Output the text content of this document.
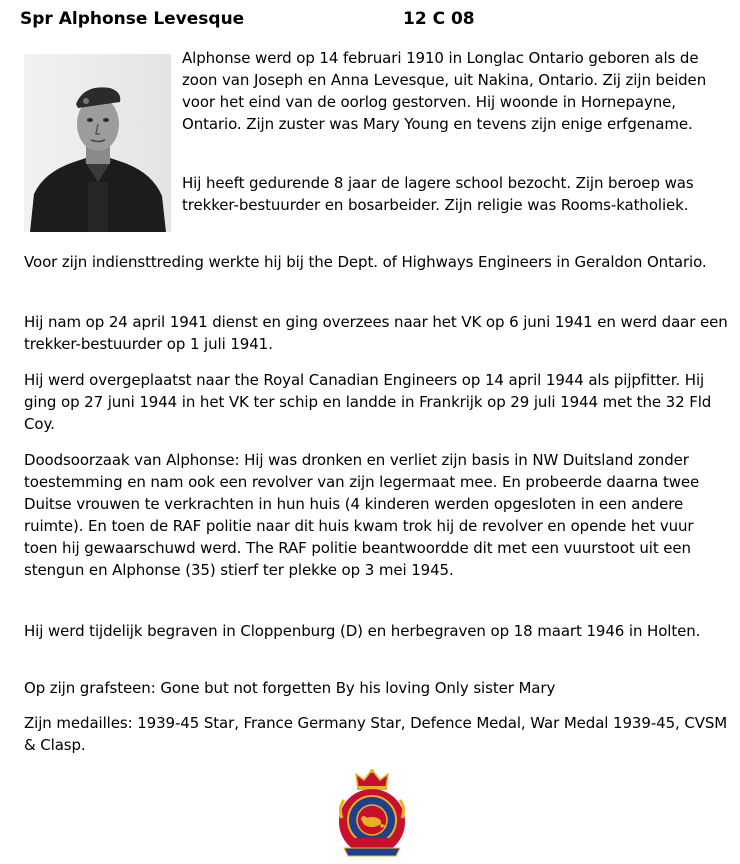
Spr Alphonse Levesque	12 C 08

Alphonse werd op 14 februari 1910 in Longlac Ontario geboren als de zoon van Joseph en Anna Levesque, uit Nakina, Ontario. Zij zijn beiden voor het eind van de oorlog gestorven. Hij woonde in Hornepayne, Ontario. Zijn zuster was Mary Young en tevens zijn enige erfgename.

Hij heeft gedurende 8 jaar de lagere school bezocht. Zijn beroep was trekker-bestuurder en bosarbeider. Zijn religie was Rooms-katholiek.

Voor zijn indiensttreding werkte hij bij the Dept. of Highways Engineers in Geraldon Ontario.

Hij nam op 24 april 1941 dienst en ging overzees naar het VK op 6 juni 1941 en werd daar een trekker-bestuurder op 1 juli 1941.

Hij werd overgeplaatst naar the Royal Canadian Engineers op 14 april 1944 als pijpfitter. Hij ging op 27 juni 1944 in het VK ter schip en landde in Frankrijk op 29 juli 1944 met the 32 Fld Coy.

Doodsoorzaak van Alphonse: Hij was dronken en verliet zijn basis in NW Duitsland zonder toestemming en nam ook een revolver van zijn legermaat mee. En probeerde daarna twee Duitse vrouwen te verkrachten in hun huis (4 kinderen werden opgesloten in een andere ruimte). En toen de RAF politie naar dit huis kwam trok hij de revolver en opende het vuur toen hij gewaarschuwd werd. The RAF politie beantwoordde dit met een vuurstoot uit een stengun en Alphonse (35) stierf ter plekke op 3 mei 1945.

Hij werd tijdelijk begraven in Cloppenburg (D) en herbegraven op 18 maart 1946 in Holten.

Op zijn grafsteen: Gone but not forgetten By his loving Only sister Mary

Zijn medailles: 1939-45 Star, France Germany Star, Defence Medal, War Medal 1939-45, CVSM & Clasp.
